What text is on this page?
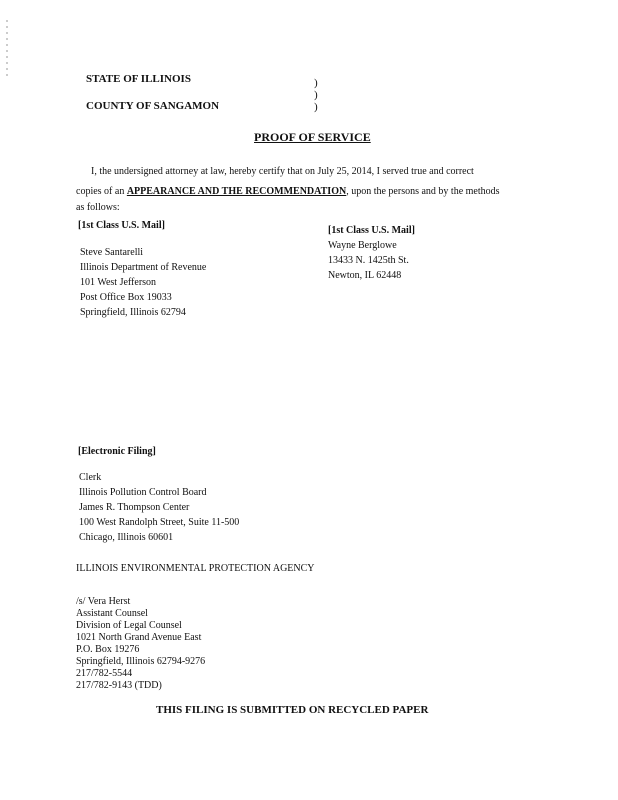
STATE OF ILLINOIS
COUNTY OF SANGAMON
)
)
)
PROOF OF SERVICE
I, the undersigned attorney at law, hereby certify that on July 25, 2014, I served true and correct
copies of an APPEARANCE AND THE RECOMMENDATION, upon the persons and by the methods
as follows:
[1st Class U.S. Mail]
Steve Santarelli
Illinois Department of Revenue
101 West Jefferson
Post Office Box 19033
Springfield, Illinois 62794
[1st Class U.S. Mail]
Wayne Berglowe
13433 N. 1425th St.
Newton, IL 62448
[Electronic Filing]
Clerk
Illinois Pollution Control Board
James R. Thompson Center
100 West Randolph Street, Suite 11-500
Chicago, Illinois 60601
ILLINOIS ENVIRONMENTAL PROTECTION AGENCY
/s/ Vera Herst
Assistant Counsel
Division of Legal Counsel
1021 North Grand Avenue East
P.O. Box 19276
Springfield, Illinois 62794-9276
217/782-5544
217/782-9143 (TDD)
THIS FILING IS SUBMITTED ON RECYCLED PAPER
